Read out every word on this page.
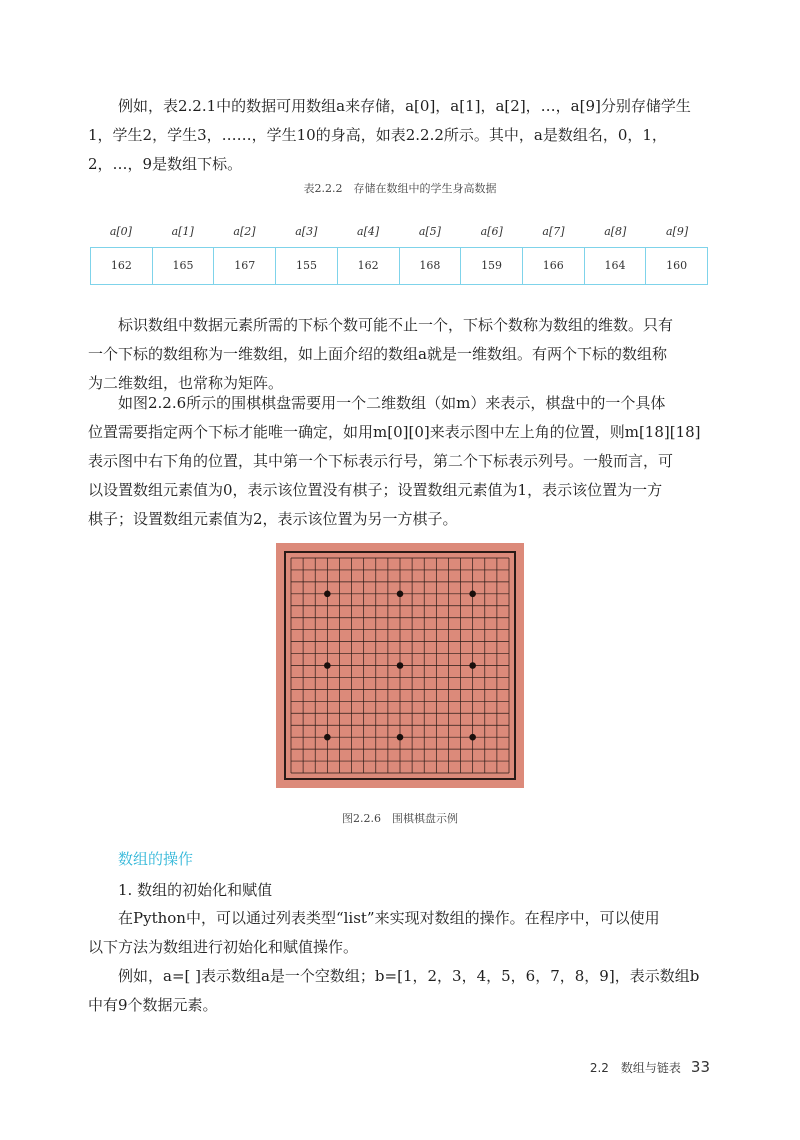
例如，表2.2.1中的数据可用数组a来存储，a[0]，a[1]，a[2]，…，a[9]分别存储学生
1，学生2，学生3，……，学生10的身高，如表2.2.2所示。其中，a是数组名，0，1，
2，…，9是数组下标。

表2.2.2　存储在数组中的学生身高数据
a[0]	a[1]	a[2]	a[3]	a[4]	a[5]	a[6]	a[7]	a[8]	a[9]
162	165	167	155	162	168	159	166	164	160

标识数组中数据元素所需的下标个数可能不止一个，下标个数称为数组的维数。只有
一个下标的数组称为一维数组，如上面介绍的数组a就是一维数组。有两个下标的数组称
为二维数组，也常称为矩阵。

如图2.2.6所示的围棋棋盘需要用一个二维数组（如m）来表示，棋盘中的一个具体
位置需要指定两个下标才能唯一确定，如用m[0][0]来表示图中左上角的位置，则m[18][18]
表示图中右下角的位置，其中第一个下标表示行号，第二个下标表示列号。一般而言，可
以设置数组元素值为0，表示该位置没有棋子；设置数组元素值为1，表示该位置为一方
棋子；设置数组元素值为2，表示该位置为另一方棋子。

图2.2.6　围棋棋盘示例
数组的操作

1. 数组的初始化和赋值

在Python中，可以通过列表类型“list”来实现对数组的操作。在程序中，可以使用
以下方法为数组进行初始化和赋值操作。

例如，a=[ ]表示数组a是一个空数组；b=[1，2，3，4，5，6，7，8，9]，表示数组b
中有9个数据元素。

2.2　数组与链表 33
